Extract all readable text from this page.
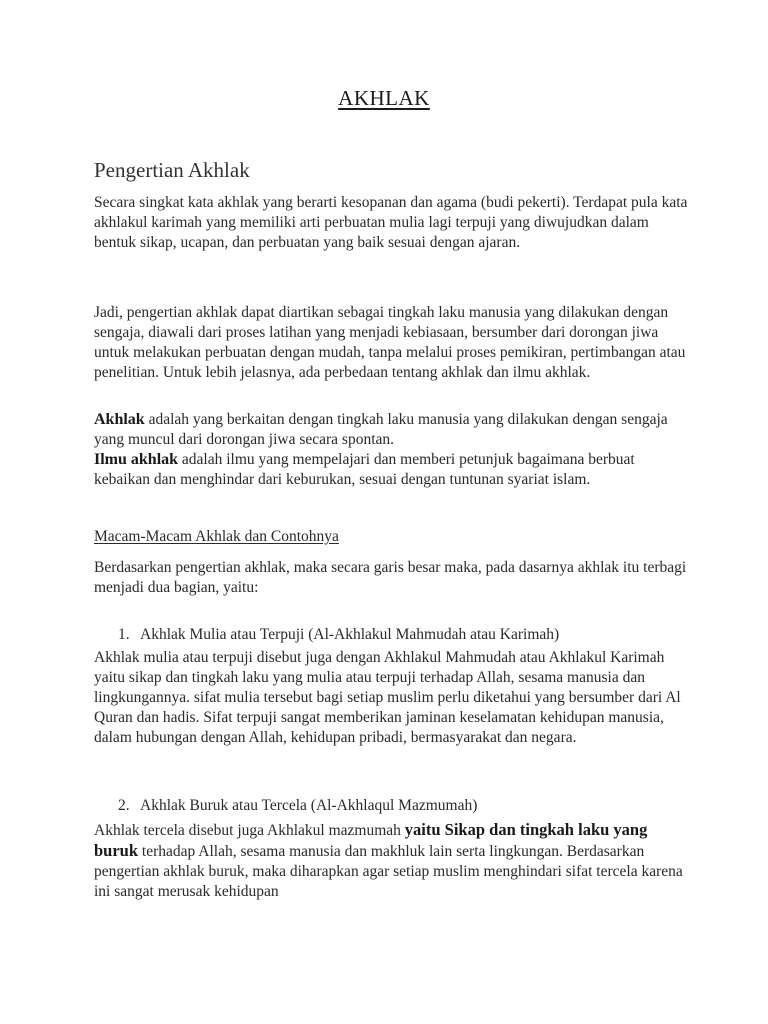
AKHLAK
Pengertian Akhlak

Secara singkat kata akhlak yang berarti kesopanan dan agama (budi pekerti). Terdapat pula kata akhlakul karimah yang memiliki arti perbuatan mulia lagi terpuji yang diwujudkan dalam bentuk sikap, ucapan, dan perbuatan yang baik sesuai dengan ajaran.

Jadi, pengertian akhlak dapat diartikan sebagai tingkah laku manusia yang dilakukan dengan sengaja, diawali dari proses latihan yang menjadi kebiasaan, bersumber dari dorongan jiwa untuk melakukan perbuatan dengan mudah, tanpa melalui proses pemikiran, pertimbangan atau penelitian. Untuk lebih jelasnya, ada perbedaan tentang akhlak dan ilmu akhlak.

Akhlak adalah yang berkaitan dengan tingkah laku manusia yang dilakukan dengan sengaja yang muncul dari dorongan jiwa secara spontan.
Ilmu akhlak adalah ilmu yang mempelajari dan memberi petunjuk bagaimana berbuat kebaikan dan menghindar dari keburukan, sesuai dengan tuntunan syariat islam.

Macam-Macam Akhlak dan Contohnya

Berdasarkan pengertian akhlak, maka secara garis besar maka, pada dasarnya akhlak itu terbagi menjadi dua bagian, yaitu:

1. Akhlak Mulia atau Terpuji (Al-Akhlakul Mahmudah atau Karimah)

Akhlak mulia atau terpuji disebut juga dengan Akhlakul Mahmudah atau Akhlakul Karimah yaitu sikap dan tingkah laku yang mulia atau terpuji terhadap Allah, sesama manusia dan lingkungannya. sifat mulia tersebut bagi setiap muslim perlu diketahui yang bersumber dari Al Quran dan hadis. Sifat terpuji sangat memberikan jaminan keselamatan kehidupan manusia, dalam hubungan dengan Allah, kehidupan pribadi, bermasyarakat dan negara.

2. Akhlak Buruk atau Tercela (Al-Akhlaqul Mazmumah)

Akhlak tercela disebut juga Akhlakul mazmumah yaitu Sikap dan tingkah laku yang buruk terhadap Allah, sesama manusia dan makhluk lain serta lingkungan. Berdasarkan pengertian akhlak buruk, maka diharapkan agar setiap muslim menghindari sifat tercela karena ini sangat merusak kehidupan
